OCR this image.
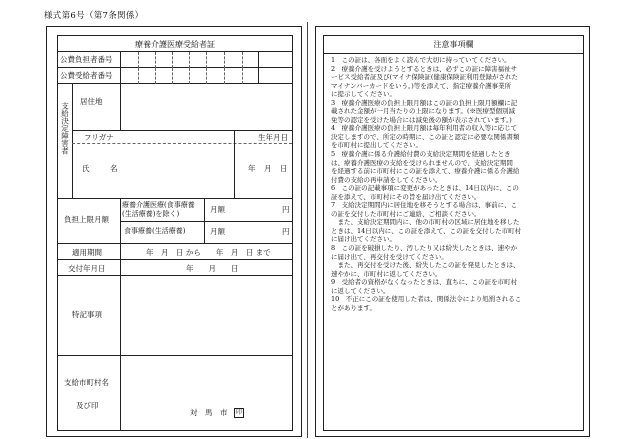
様式第6号（第7条関係）
療養介護医療受給者証
公費負担者番号
公費受給者番号
支給決定障害者
居住地
フリガナ	生年月日
氏	名	年 月 日
負担上限月額
療養介護医療(食事療養(生活療養)を除く)	月額	円
食事療養(生活療養)	月額	円
適用期間	年　月　日 から　　年　月　日 まで
交付年月日	年　　月　　日
特記事項
支給市町村名
及び印
対　馬　市 印
注意事項欄
1　この証は、各面をよく読んで大切に持っていてください。
2　療養介護を受けようとするときは、必ずこの証に障害福祉サ
ービス受給者証及び(マイナ保険証(健康保険証利用登録がされた
マイナンバーカードをいう。)等を添えて、指定療養介護事業所
に提示してください。
3　療養介護医療の負担上限月額はこの証の負担上限月額欄に記
載された金額が一月当たりの上限になります。(※医療型個別減
免等の認定を受けた場合には減免後の額が表示されています。)
4　療養介護医療の負担上限月額は毎年利用者の収入等に応じて
決定しますので、所定の時期に、この証と認定に必要な関係書類
を市町村に提出してください。
5　療養介護に係る介護給付費の支給決定期間を経過したとき
は、療養介護医療の支給を受けられませんので、支給決定期間
を経過する前に市町村にこの証を添えて、療養介護に係る介護給
付費の支給の再申請をしてください。
6　この証の記載事項に変更があったときは、14日以内に、この
証を添えて、市町村にその旨を届け出てください。
7　支給決定期間内に居住地を移そうとする場合は、事前に、こ
の証を交付した市町村にご連絡、ご相談ください。
　また、支給決定期間内に、他の市町村の区域に居住地を移した
ときは、14日以内に、この証を添えて、この証を交付した市町村
に届け出てください。
8　この証を破損したり、汚したり又は紛失したときは、速やか
に届け出て、再交付を受けてください。
　また、再交付を受けた後、紛失したこの証を発見したときは、
速やかに、市町村に返してください。
9　受給者の資格がなくなったときは、直ちに、この証を市町村
に返してください。
10　不正にこの証を使用した者は、関係法令により処罰されるこ
とがあります。
